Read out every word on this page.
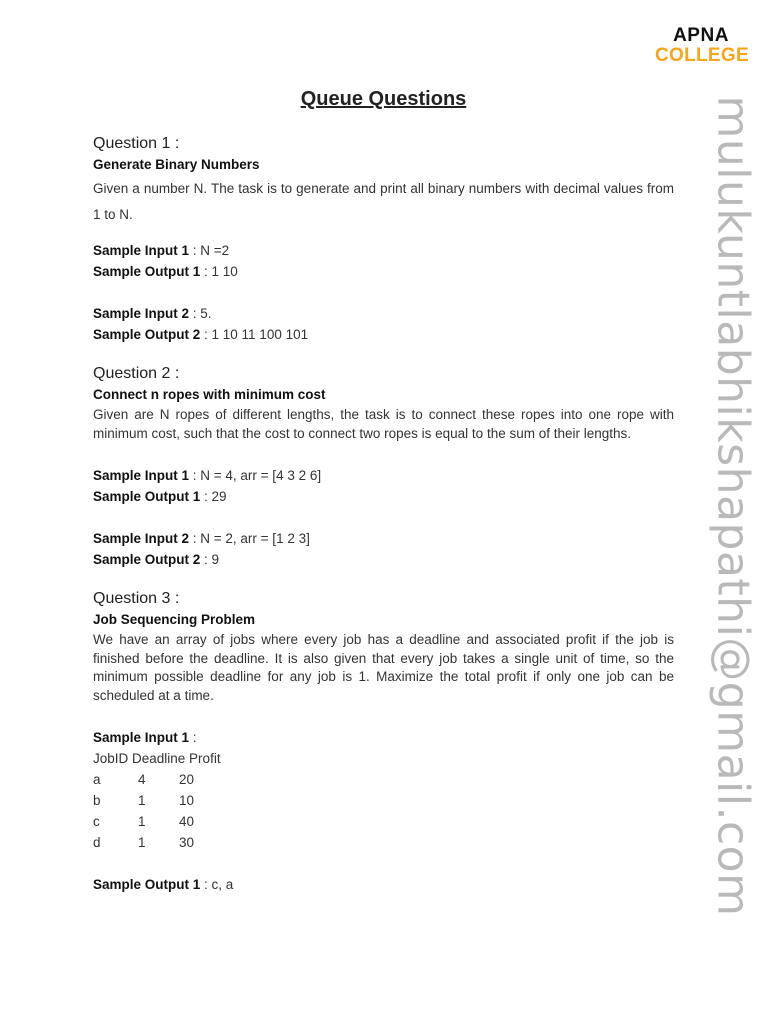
APNA
COLLEGE
mulukuntlabhikshapathi@gmail.com
Queue Questions
Question 1 :
Generate Binary Numbers
Given a number N. The task is to generate and print all binary numbers with decimal values from 1 to N.
Sample Input 1 : N =2
Sample Output 1 : 1 10
Sample Input 2 : 5.
Sample Output 2 : 1 10 11 100 101
Question 2 :
Connect n ropes with minimum cost
Given are N ropes of different lengths, the task is to connect these ropes into one rope with minimum cost, such that the cost to connect two ropes is equal to the sum of their lengths.
Sample Input 1 : N = 4, arr = [4 3 2 6]
Sample Output 1 : 29
Sample Input 2 : N = 2, arr = [1 2 3]
Sample Output 2 : 9
Question 3 :
Job Sequencing Problem
We have an array of jobs where every job has a deadline and associated profit if the job is finished before the deadline. It is also given that every job takes a single unit of time, so the minimum possible deadline for any job is 1. Maximize the total profit if only one job can be scheduled at a time.
Sample Input 1 :
JobID Deadline Profit
a	4 20
b	1 10
c	1 40
d	1 30
Sample Output 1 : c, a
